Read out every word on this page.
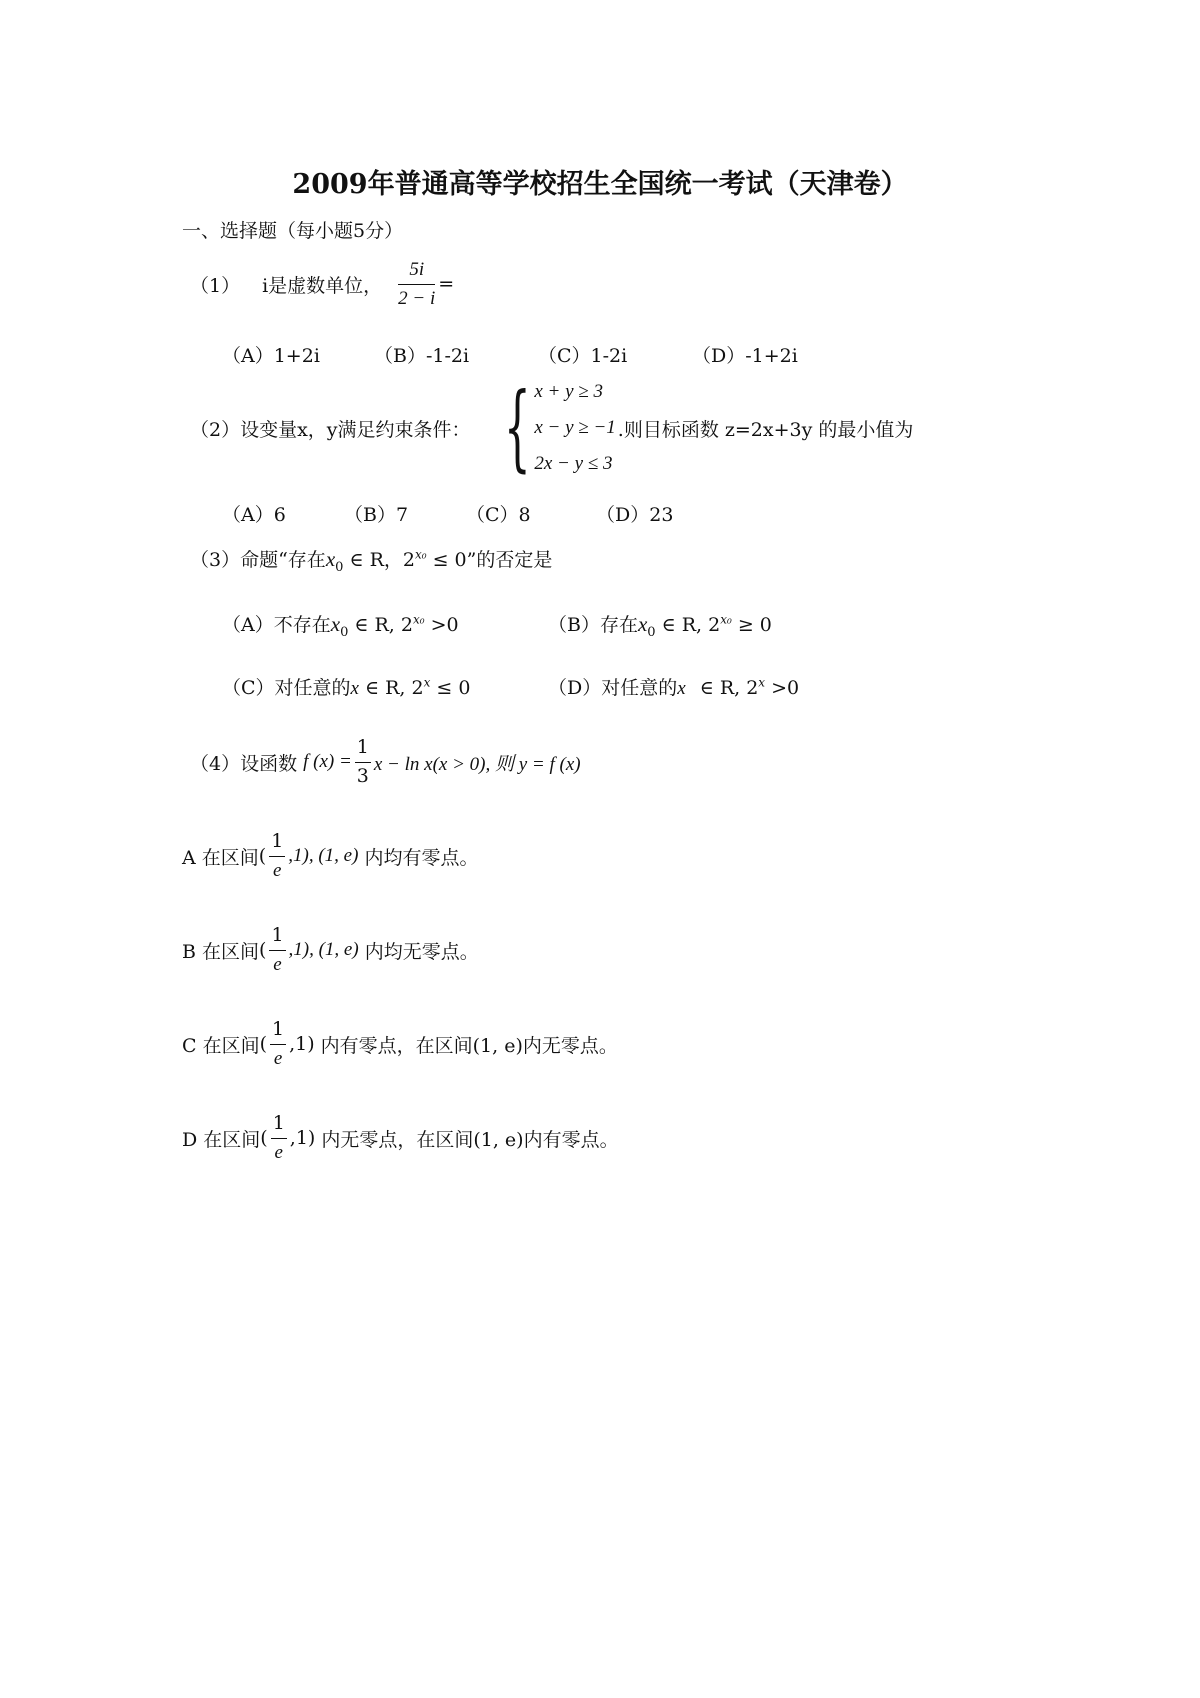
2009年普通高等学校招生全国统一考试（天津卷）
一、选择题（每小题5分）
（1） i是虚数单位， $\frac{5i}{2 - i}$ =
（A）1+2i	（B）-1-2i	（C）1-2i	（D）-1+2i
（2）设变量x，y满足约束条件： { x + y ≥ 3
x − y ≥ −1
2x − y ≤ 3
.则目标函数 z=2x+3y 的最小值为
（A）6	（B）7	（C）8	（D）23
（3）命题“存在$x_0$ ∈ R，$2^{x_0} \le 0$”的否定是
（A）不存在$x_0$ ∈ R, $2^{x_0} >0$	（B）存在$x_0$ ∈ R, $2^{x_0} \ge 0$
（C）对任意的x ∈ R, $2^x \le 0$	（D）对任意的x ∈ R, $2^x >0$
（4）设函数 f $(x) = \frac{1}{3}$ x − ln x(x > 0), 则 y = f (x)
A 在区间 ( $\frac{1}{e} ,1$), (1, e) 内均有零点。
B 在区间 ( $\frac{1}{e} ,1$), (1, e) 内均无零点。
C 在区间 ( $\frac{1}{e} ,1$) 内有零点，在区间(1, e)内无零点。
D 在区间 ( $\frac{1}{e} ,1$) 内无零点，在区间(1, e)内有零点。
